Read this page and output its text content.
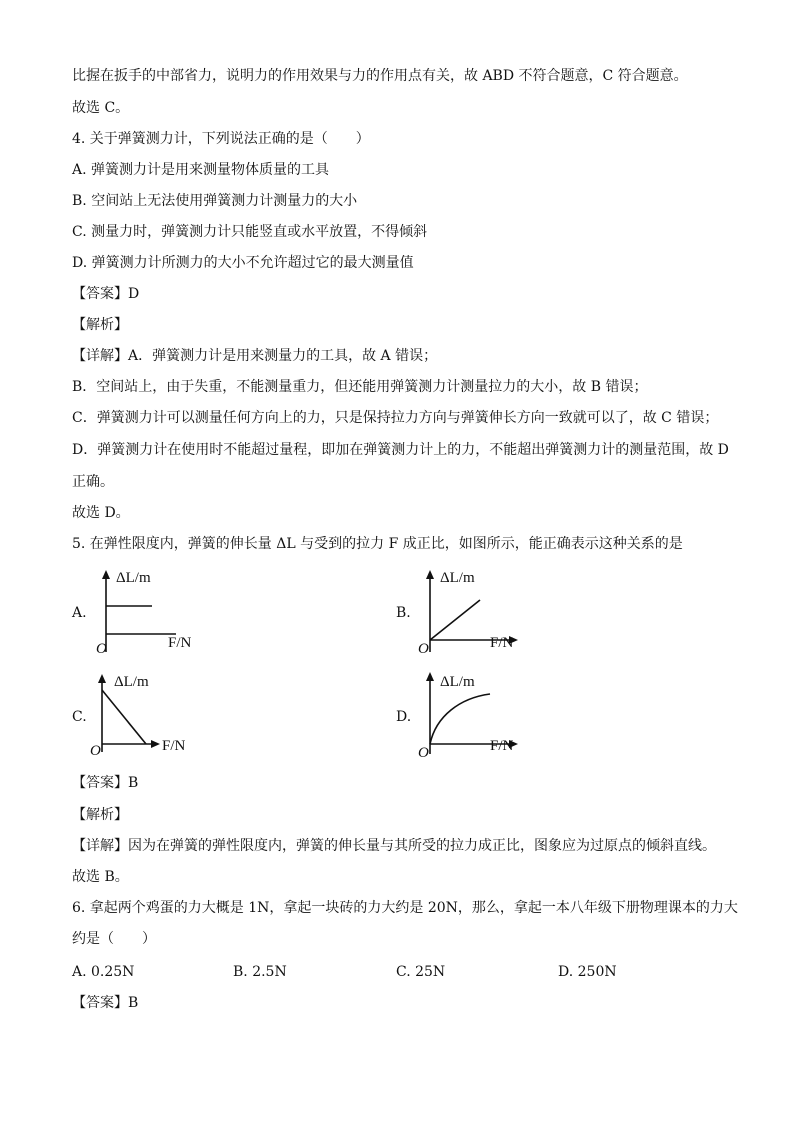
比握在扳手的中部省力，说明力的作用效果与力的作用点有关，故 ABD 不符合题意，C 符合题意。
故选 C。
4. 关于弹簧测力计，下列说法正确的是（　　）
A. 弹簧测力计是用来测量物体质量的工具
B. 空间站上无法使用弹簧测力计测量力的大小
C. 测量力时，弹簧测力计只能竖直或水平放置，不得倾斜
D. 弹簧测力计所测力的大小不允许超过它的最大测量值
【答案】D
【解析】
【详解】A．弹簧测力计是用来测量力的工具，故 A 错误；
B．空间站上，由于失重，不能测量重力，但还能用弹簧测力计测量拉力的大小，故 B 错误；
C．弹簧测力计可以测量任何方向上的力，只是保持拉力方向与弹簧伸长方向一致就可以了，故 C 错误；
D．弹簧测力计在使用时不能超过量程，即加在弹簧测力计上的力，不能超出弹簧测力计的测量范围，故 D
正确。
故选 D。
5. 在弹性限度内，弹簧的伸长量 ΔL 与受到的拉力 F 成正比，如图所示，能正确表示这种关系的是
A.
ΔL/m
F/N
O
B.
ΔL/m
F/N
O
C.
ΔL/m
F/N
O
D.
ΔL/m
F/N
O
【答案】B
【解析】
【详解】因为在弹簧的弹性限度内，弹簧的伸长量与其所受的拉力成正比，图象应为过原点的倾斜直线。
故选 B。
6. 拿起两个鸡蛋的力大概是 1N，拿起一块砖的力大约是 20N，那么，拿起一本八年级下册物理课本的力大
约是（　　）
A. 0.25N	B. 2.5N	C. 25N	D. 250N
【答案】B
